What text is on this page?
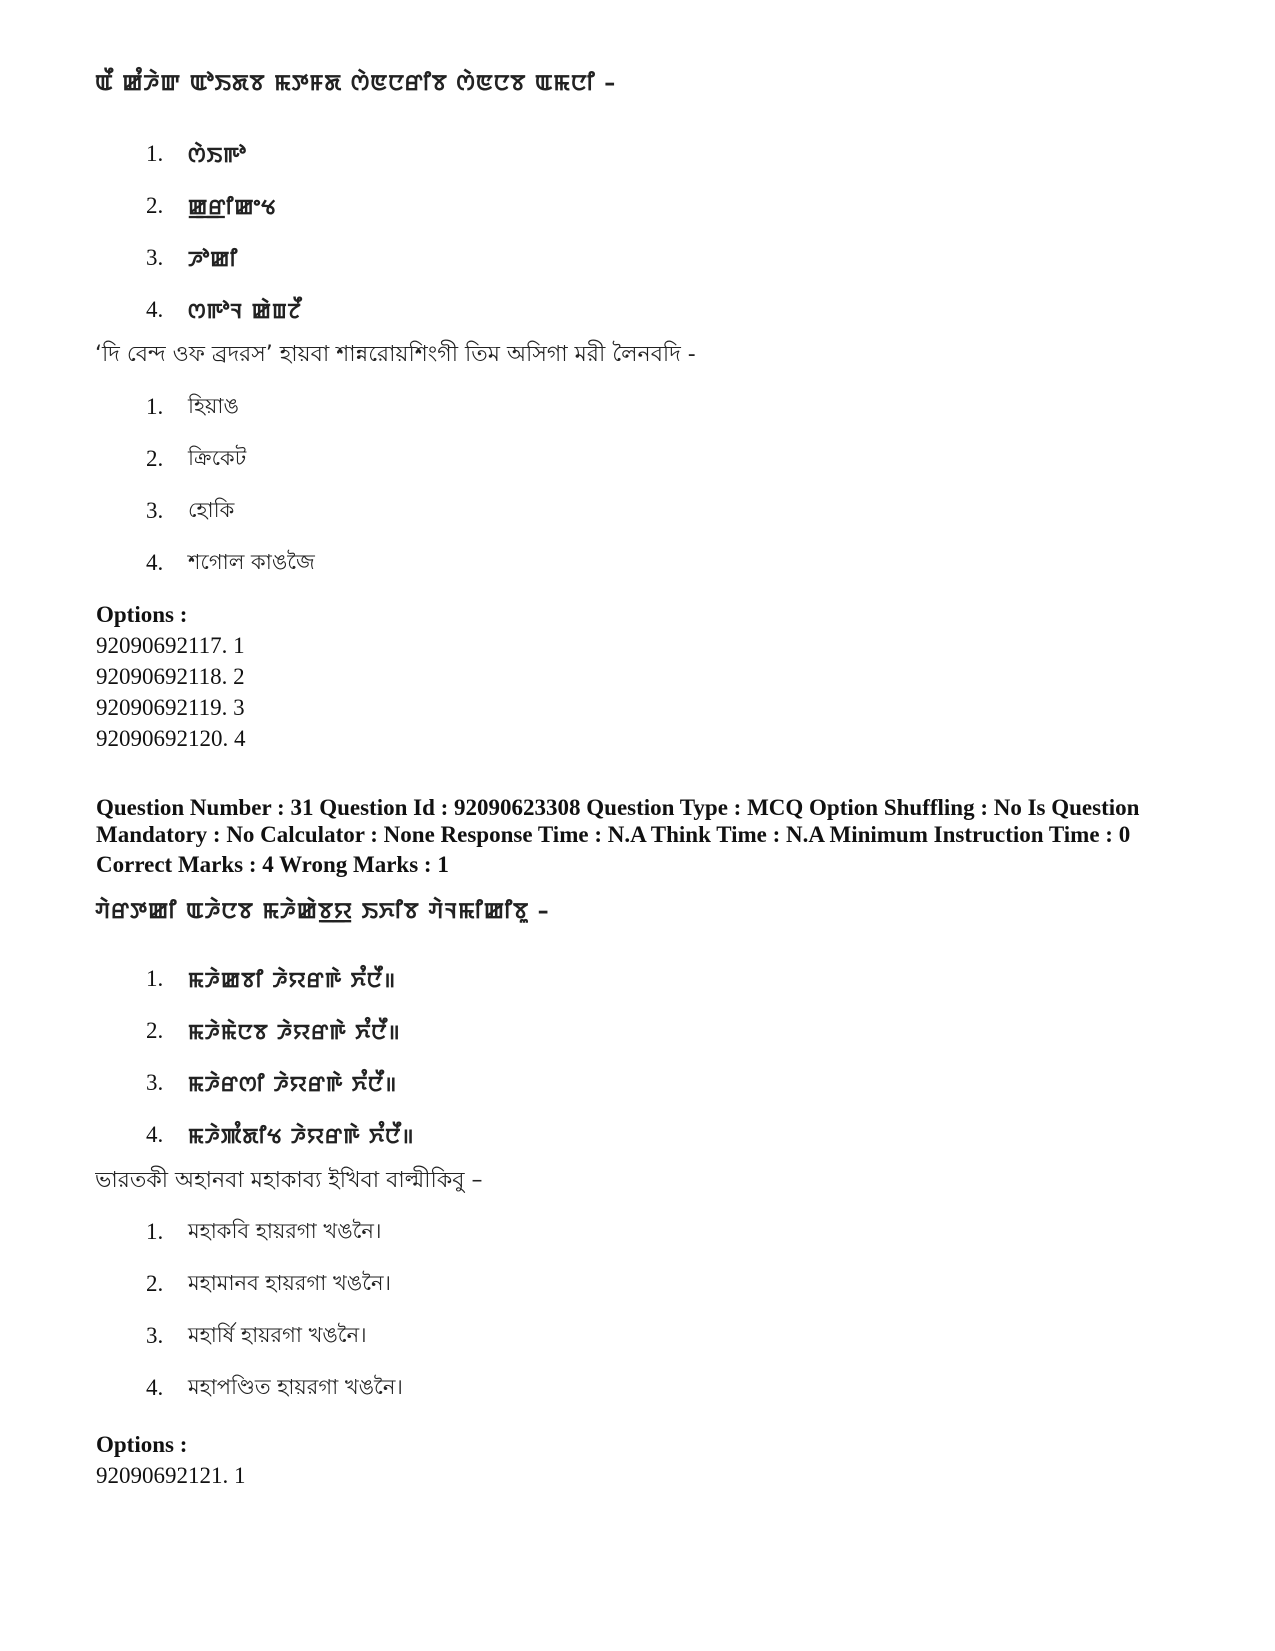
ꯑꯩ ꯀꯪꯍꯥꯛ ꯑꯣꯏꯗꯕ ꯃꯇꯝꯗ ꯁꯥꯟꯅꯔꯤꯕ ꯁꯥꯟꯅꯕ ꯑꯃꯅꯤ –
1.	ꯁꯥꯏꯒꯣ
2.	ꯀ꯭ꯔꯤꯀꯦꯠ
3.	ꯍꯣꯀꯤ
4.	ꯁꯒꯣꯜ ꯀꯥꯡꯖꯩ
‘দি বেন্দ ওফ ব্রদরস’ হায়বা শান্নরোয়শিংগী তিম অসিগা মরী লৈনবদি -
1.	হিয়াঙ
2.	ক্রিকেট
3.	হোকি
4.	শগোল কাঙজৈ
Options :
92090692117. 1
92090692118. 2
92090692119. 3
92090692120. 4
Question Number : 31 Question Id : 92090623308 Question Type : MCQ Option Shuffling : No Is Question Mandatory : No Calculator : None Response Time : N.A Think Time : N.A Minimum Instruction Time : 0
Correct Marks : 4 Wrong Marks : 1
ꯚꯥꯔꯇꯀꯤ ꯑꯍꯥꯅꯕ ꯃꯍꯥꯀꯥꯕ꯭ꯌ ꯏꯈꯤꯕ ꯚꯥꯜꯃꯤꯀꯤꯕꯨ –
1.	ꯃꯍꯥꯀꯕꯤ ꯍꯥꯌꯔꯒꯥ ꯈꯪꯅꯩ॥
2.	ꯃꯍꯥꯃꯥꯅꯕ ꯍꯥꯌꯔꯒꯥ ꯈꯪꯅꯩ॥
3.	ꯃꯍꯥꯔꯁꯤ ꯍꯥꯌꯔꯒꯥ ꯈꯪꯅꯩ॥
4.	ꯃꯍꯥꯄꯪꯗꯤꯠ ꯍꯥꯌꯔꯒꯥ ꯈꯪꯅꯩ॥
ভারতকী অহানবা মহাকাব্য ইখিবা বাল্মীকিবু –
1.	মহাকবি হায়রগা খঙনৈ।
2.	মহামানব হায়রগা খঙনৈ।
3.	মহার্ষি হায়রগা খঙনৈ।
4.	মহাপণ্ডিত হায়রগা খঙনৈ।
Options :
92090692121. 1
